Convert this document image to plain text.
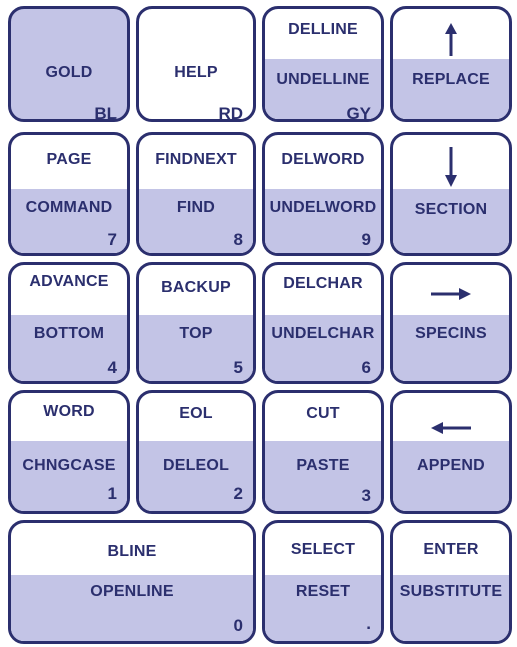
GOLD
BL
HELP
RD
DELLINE
UNDELLINE
GY
REPLACE
PAGE
COMMAND
7
FINDNEXT
FIND
8
DELWORD
UNDELWORD
9
SECTION
ADVANCE
BOTTOM
4
BACKUP
TOP
5
DELCHAR
UNDELCHAR
6
SPECINS
WORD
CHNGCASE
1
EOL
DELEOL
2
CUT
PASTE
3
APPEND
BLINE
OPENLINE
0
SELECT
RESET
.
ENTER
SUBSTITUTE
